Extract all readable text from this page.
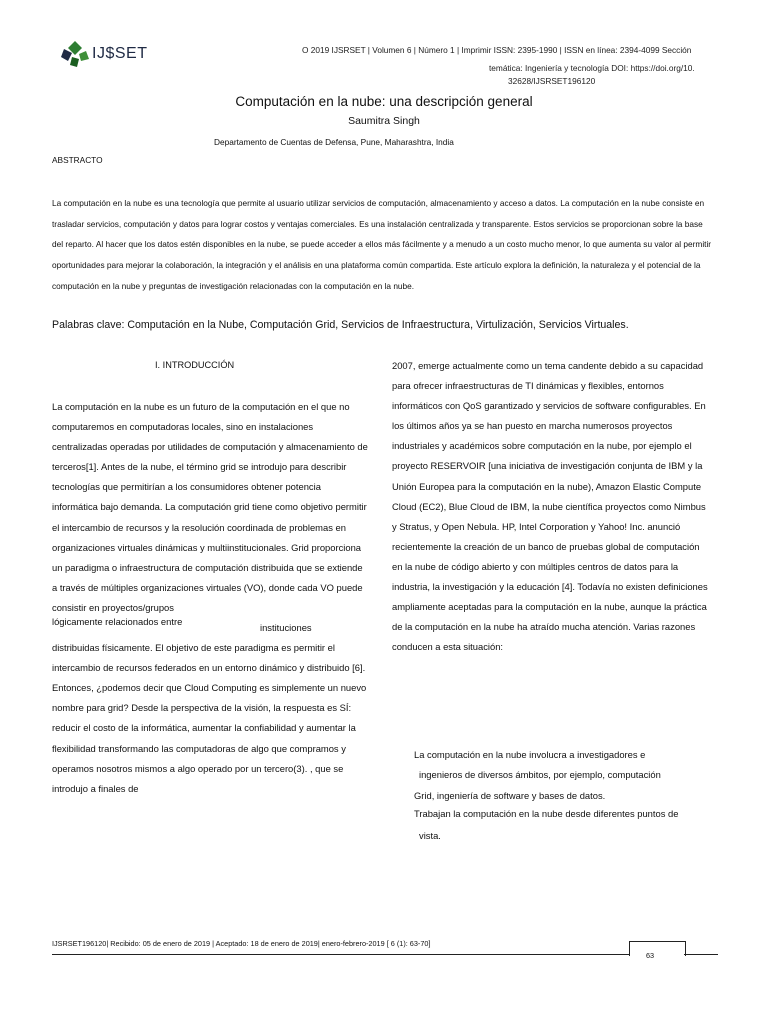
IJ$SET	O 2019 IJSRSET | Volumen 6 | Número 1 | Imprimir ISSN: 2395-1990 | ISSN en línea: 2394-4099 Sección
temática: Ingeniería y tecnología DOI: https://doi.org/10.
32628/IJSRSET196120
Computación en la nube: una descripción general
Saumitra Singh
Departamento de Cuentas de Defensa, Pune, Maharashtra, India
ABSTRACTO

La computación en la nube es una tecnología que permite al usuario utilizar servicios de computación, almacenamiento y acceso a datos. La computación en la nube consiste en trasladar servicios, computación y datos para lograr costos y ventajas comerciales. Es una instalación centralizada y transparente. Estos servicios se proporcionan sobre la base del reparto. Al hacer que los datos estén disponibles en la nube, se puede acceder a ellos más fácilmente y a menudo a un costo mucho menor, lo que aumenta su valor al permitir oportunidades para mejorar la colaboración, la integración y el análisis en una plataforma común compartida. Este artículo explora la definición, la naturaleza y el potencial de la computación en la nube y preguntas de investigación relacionadas con la computación en la nube.

Palabras clave: Computación en la Nube, Computación Grid, Servicios de Infraestructura, Virtulización, Servicios Virtuales.

I. INTRODUCCIÓN

La computación en la nube es un futuro de la computación en el que no computaremos en computadoras locales, sino en instalaciones centralizadas operadas por utilidades de computación y almacenamiento de terceros[1]. Antes de la nube, el término grid se introdujo para describir tecnologías que permitirían a los consumidores obtener potencia informática bajo demanda. La computación grid tiene como objetivo permitir el intercambio de recursos y la resolución coordinada de problemas en organizaciones virtuales dinámicas y multiinstitucionales. Grid proporciona un paradigma o infraestructura de computación distribuida que se extiende a través de múltiples organizaciones virtuales (VO), donde cada VO puede consistir en proyectos/grupos

lógicamente relacionados entre
instituciones

distribuidas físicamente. El objetivo de este paradigma es permitir el intercambio de recursos federados en un entorno dinámico y distribuido [6]. Entonces, ¿podemos decir que Cloud Computing es simplemente un nuevo nombre para grid? Desde la perspectiva de la visión, la respuesta es SÍ: reducir el costo de la informática, aumentar la confiabilidad y aumentar la flexibilidad transformando las computadoras de algo que compramos y operamos nosotros mismos a algo operado por un tercero(3). , que se introdujo a finales de

2007, emerge actualmente como un tema candente debido a su capacidad para ofrecer infraestructuras de TI dinámicas y flexibles, entornos informáticos con QoS garantizado y servicios de software configurables. En los últimos años ya se han puesto en marcha numerosos proyectos industriales y académicos sobre computación en la nube, por ejemplo el proyecto RESERVOIR [una iniciativa de investigación conjunta de IBM y la Unión Europea para la computación en la nube), Amazon Elastic Compute Cloud (EC2), Blue Cloud de IBM, la nube científica proyectos como Nimbus y Stratus, y Open Nebula. HP, Intel Corporation y Yahoo! Inc. anunció recientemente la creación de un banco de pruebas global de computación en la nube de código abierto y con múltiples centros de datos para la industria, la investigación y la educación [4]. Todavía no existen definiciones ampliamente aceptadas para la computación en la nube, aunque la práctica de la computación en la nube ha atraído mucha atención. Varias razones conducen a esta situación:

La computación en la nube involucra a investigadores e

ingenieros de diversos ámbitos, por ejemplo, computación

Grid, ingeniería de software y bases de datos.

Trabajan la computación en la nube desde diferentes puntos de

vista.

IJSRSET196120| Recibido: 05 de enero de 2019 | Aceptado: 18 de enero de 2019| enero-febrero-2019 [ 6 (1): 63-70]
63
